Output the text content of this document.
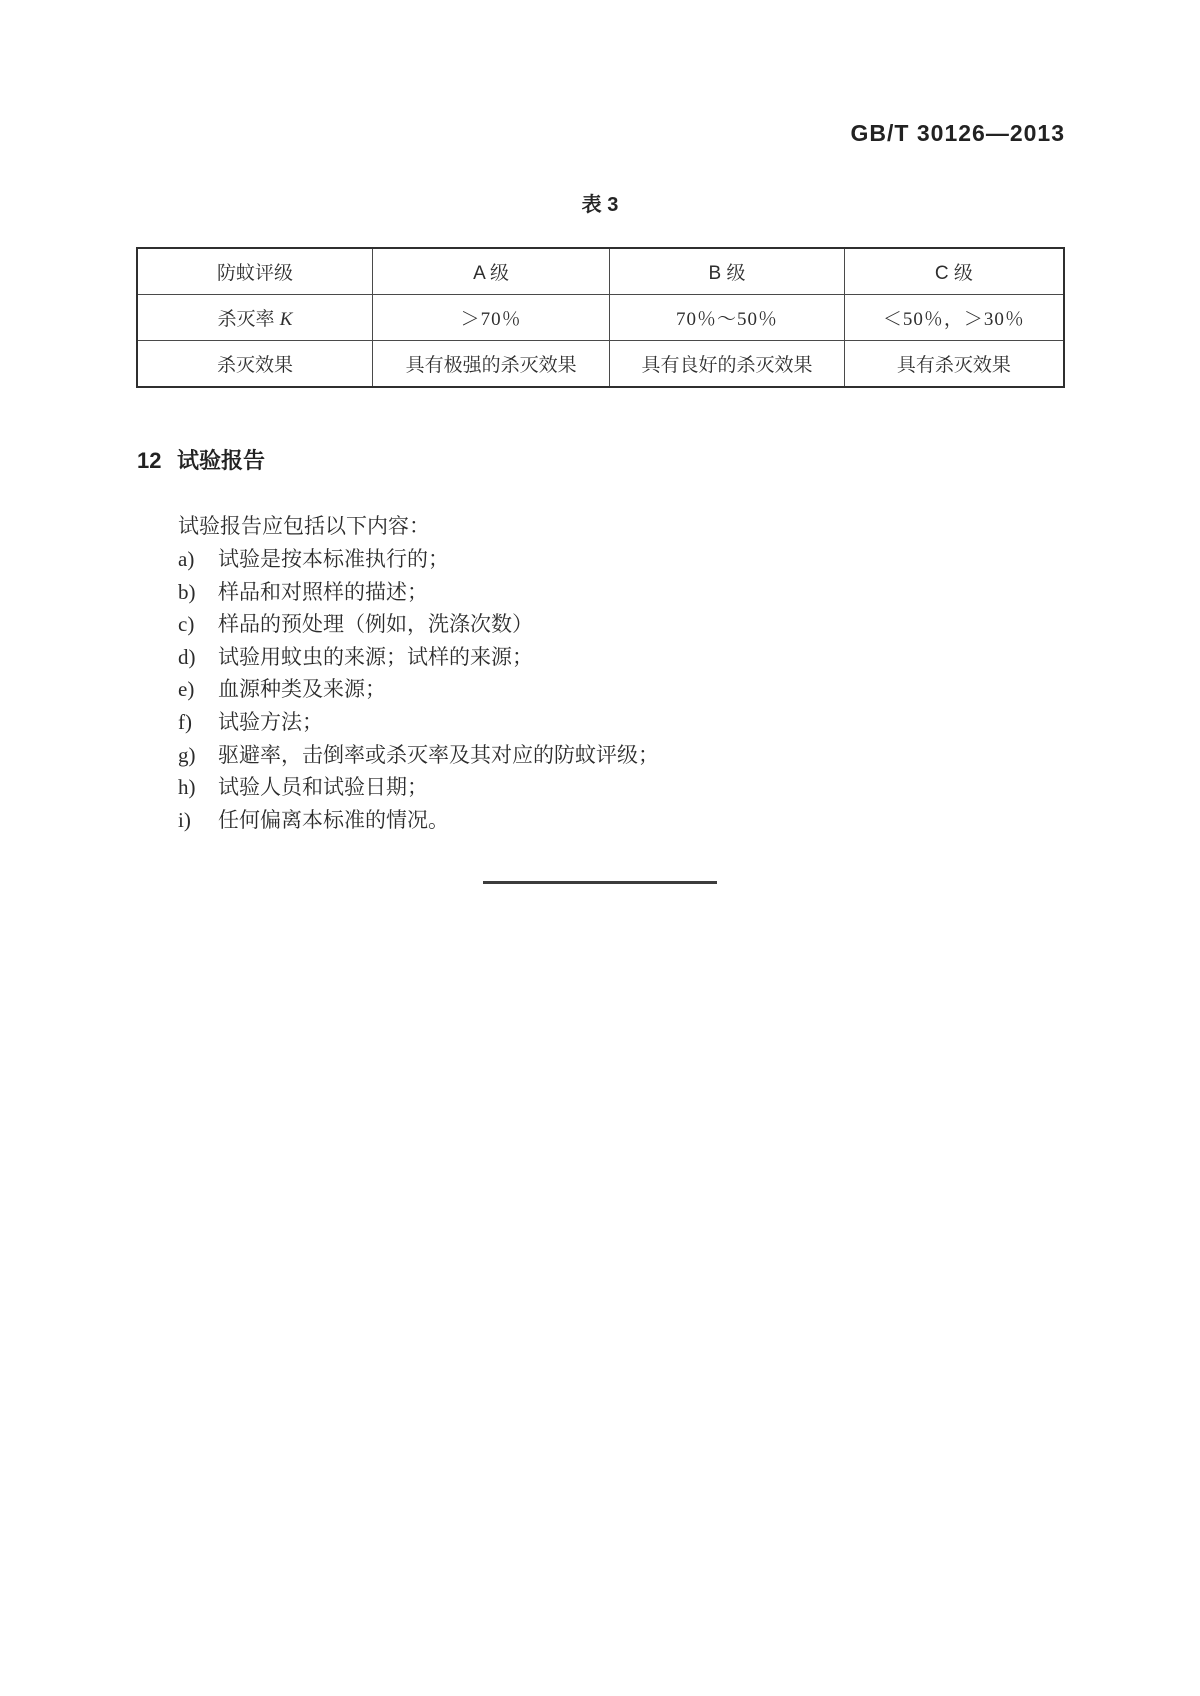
GB/T 30126—2013
表 3
防蚊评级	A 级	B 级	C 级
杀灭率 K	＞70％	70％～50％	＜50％，＞30％
杀灭效果	具有极强的杀灭效果	具有良好的杀灭效果	具有杀灭效果
12 试验报告
试验报告应包括以下内容：
a) 试验是按本标准执行的；
b) 样品和对照样的描述；
c) 样品的预处理（例如，洗涤次数）
d) 试验用蚊虫的来源；试样的来源；
e) 血源种类及来源；
f) 试验方法；
g) 驱避率，击倒率或杀灭率及其对应的防蚊评级；
h) 试验人员和试验日期；
i) 任何偏离本标准的情况。
